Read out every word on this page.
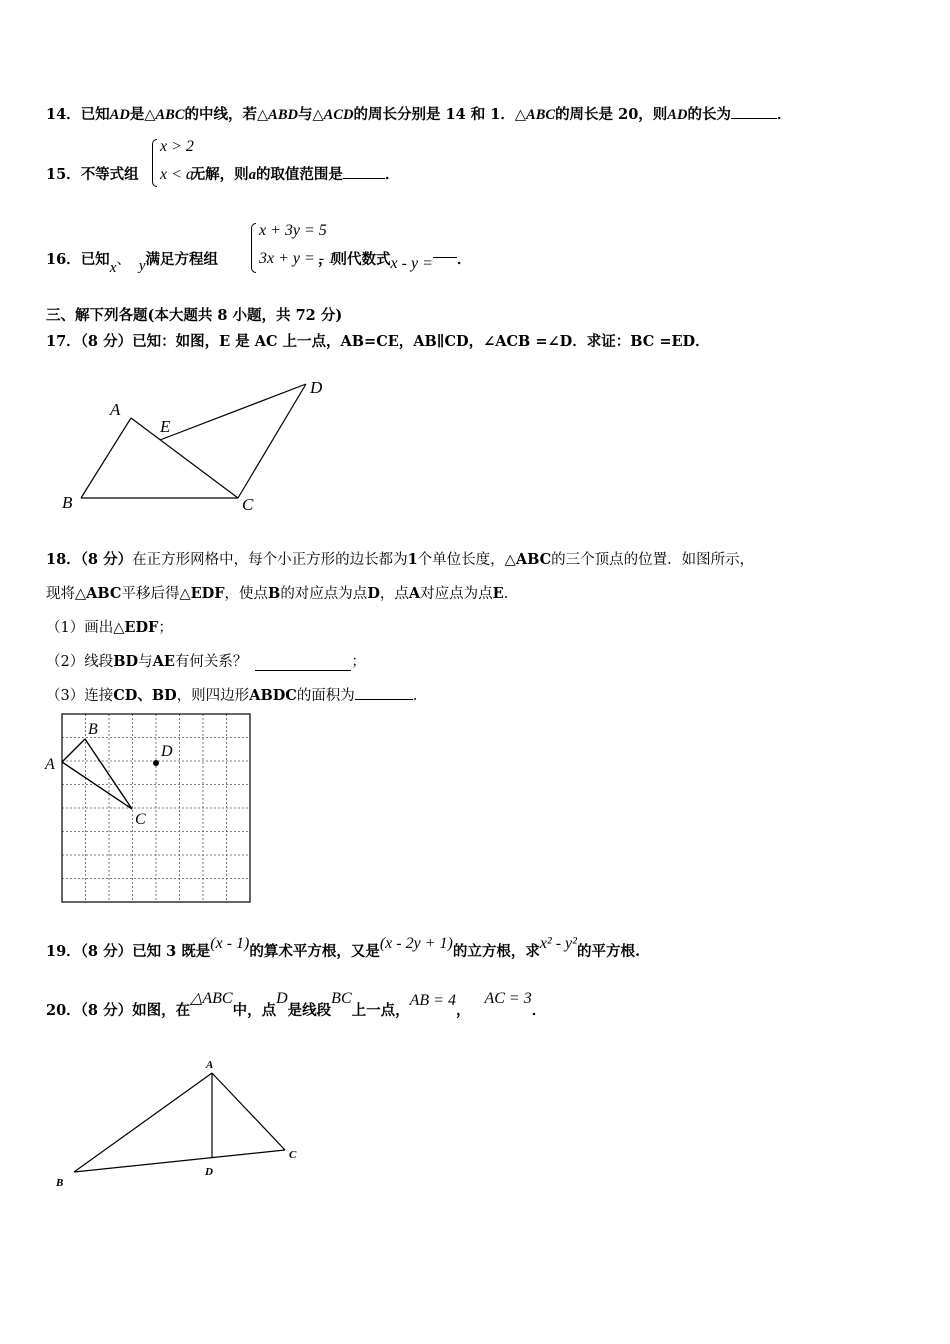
14．已知AD是△ABC的中线，若△ABD与△ACD的周长分别是 14 和 1．△ABC的周长是 20，则AD的长为	．
15．不等式组	无解，则a的取值范围是	．
x > 2
x < a
16．已知x、 y满足方程组	，则代数式x - y = ．
x + 3y = 5
3x + y = - 1
三、解下列各题(本大题共 8 小题，共 72 分)
17．（8 分）已知：如图，E 是 AC 上一点，AB=CE，AB∥CD，∠ACB =∠D．求证：BC =ED．
A
B	C
D
E
18．（8 分）在正方形网格中，每个小正方形的边长都为1个单位长度，△ABC的三个顶点的位置．如图所示，
现将△ABC平移后得△EDF，使点B的对应点为点D，点A对应点为点E.
（1）画出△EDF；
（2）线段BD与AE有何关系？	；
（3）连接CD、BD，则四边形ABDC的面积为	．
A
B
C
D
19．（8 分）已知 3 既是(x - 1)的算术平方根，又是(x - 2y + 1)的立方根，求x² - y²的平方根.
20．（8 分）如图，在△ABC中，点D是线段BC上一点，AB = 4，AC = 3．
A
B
C
D
